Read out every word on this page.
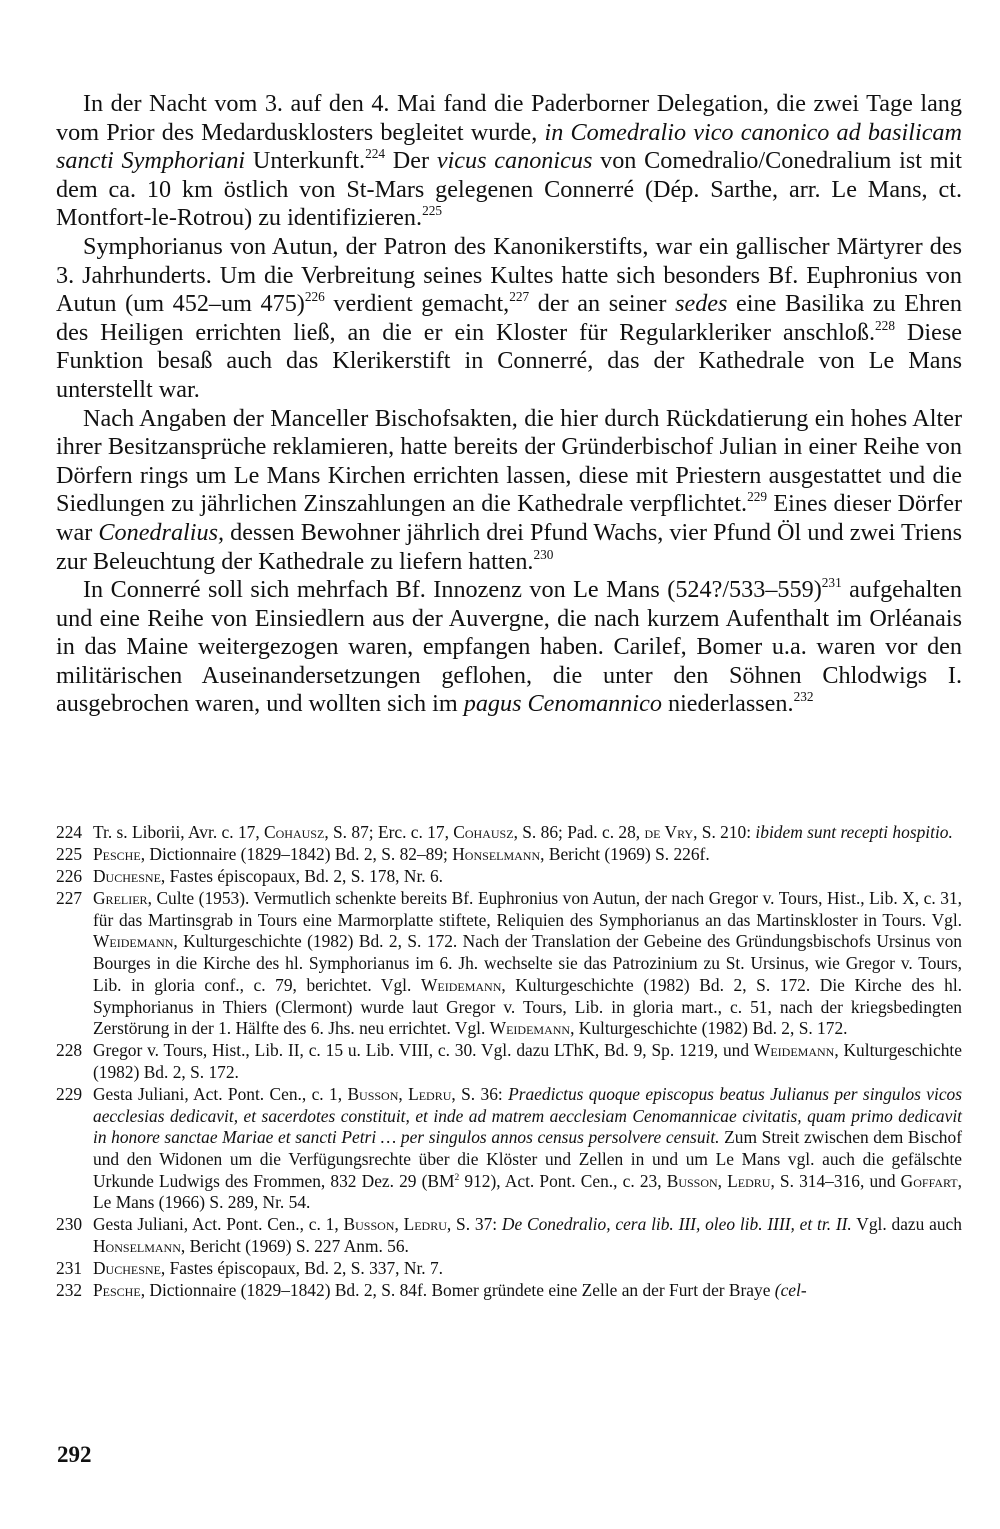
In der Nacht vom 3. auf den 4. Mai fand die Paderborner Delegation, die zwei Tage lang vom Prior des Medardusklosters begleitet wurde, in Comedralio vico canonico ad basilicam sancti Symphoriani Unterkunft.$^{224}$ Der vicus canonicus von Comedralio/Conedralium ist mit dem ca. 10 km östlich von St-Mars gelegenen Connerré (Dép. Sarthe, arr. Le Mans, ct. Montfort-le-Rotrou) zu identifizieren.$^{225}$

Symphorianus von Autun, der Patron des Kanonikerstifts, war ein gallischer Märtyrer des 3. Jahrhunderts. Um die Verbreitung seines Kultes hatte sich besonders Bf. Euphronius von Autun (um 452–um 475)$^{226}$ verdient gemacht,$^{227}$ der an seiner sedes eine Basilika zu Ehren des Heiligen errichten ließ, an die er ein Kloster für Regularkleriker anschloß.$^{228}$ Diese Funktion besaß auch das Klerikerstift in Connerré, das der Kathedrale von Le Mans unterstellt war.

Nach Angaben der Manceller Bischofsakten, die hier durch Rückdatierung ein hohes Alter ihrer Besitzansprüche reklamieren, hatte bereits der Gründerbischof Julian in einer Reihe von Dörfern rings um Le Mans Kirchen errichten lassen, diese mit Priestern ausgestattet und die Siedlungen zu jährlichen Zinszahlungen an die Kathedrale verpflichtet.$^{229}$ Eines dieser Dörfer war Conedralius, dessen Bewohner jährlich drei Pfund Wachs, vier Pfund Öl und zwei Triens zur Beleuchtung der Kathedrale zu liefern hatten.$^{230}$

In Connerré soll sich mehrfach Bf. Innozenz von Le Mans (524?/533–559)$^{231}$ aufgehalten und eine Reihe von Einsiedlern aus der Auvergne, die nach kurzem Aufenthalt im Orléanais in das Maine weitergezogen waren, empfangen haben. Carilef, Bomer u.a. waren vor den militärischen Auseinandersetzungen geflohen, die unter den Söhnen Chlodwigs I. ausgebrochen waren, und wollten sich im pagus Cenomannico niederlassen.$^{232}$

224 Tr. s. Liborii, Avr. c. 17, Cohausz, S. 87; Erc. c. 17, Cohausz, S. 86; Pad. c. 28, de Vry, S. 210: ibidem sunt recepti hospitio.
225 Pesche, Dictionnaire (1829–1842) Bd. 2, S. 82–89; Honselmann, Bericht (1969) S. 226f.
226 Duchesne, Fastes épiscopaux, Bd. 2, S. 178, Nr. 6.
227 Grelier, Culte (1953). Vermutlich schenkte bereits Bf. Euphronius von Autun, der nach Gregor v. Tours, Hist., Lib. X, c. 31, für das Martinsgrab in Tours eine Marmorplatte stiftete, Reliquien des Symphorianus an das Martinskloster in Tours. Vgl. Weidemann, Kulturgeschichte (1982) Bd. 2, S. 172. Nach der Translation der Gebeine des Gründungsbischofs Ursinus von Bourges in die Kirche des hl. Symphorianus im 6. Jh. wechselte sie das Patrozinium zu St. Ursinus, wie Gregor v. Tours, Lib. in gloria conf., c. 79, berichtet. Vgl. Weidemann, Kulturgeschichte (1982) Bd. 2, S. 172. Die Kirche des hl. Symphorianus in Thiers (Clermont) wurde laut Gregor v. Tours, Lib. in gloria mart., c. 51, nach der kriegsbedingten Zerstörung in der 1. Hälfte des 6. Jhs. neu errichtet. Vgl. Weidemann, Kulturgeschichte (1982) Bd. 2, S. 172.
228 Gregor v. Tours, Hist., Lib. II, c. 15 u. Lib. VIII, c. 30. Vgl. dazu LThK, Bd. 9, Sp. 1219, und Weidemann, Kulturgeschichte (1982) Bd. 2, S. 172.
229 Gesta Juliani, Act. Pont. Cen., c. 1, Busson, Ledru, S. 36: Praedictus quoque episcopus beatus Julianus per singulos vicos aecclesias dedicavit, et sacerdotes constituit, et inde ad matrem aecclesiam Cenomannicae civitatis, quam primo dedicavit in honore sanctae Mariae et sancti Petri … per singulos annos census persolvere censuit. Zum Streit zwischen dem Bischof und den Widonen um die Verfügungsrechte über die Klöster und Zellen in und um Le Mans vgl. auch die gefälschte Urkunde Ludwigs des Frommen, 832 Dez. 29 ($BM^2$ 912), Act. Pont. Cen., c. 23, Busson, Ledru, S. 314–316, und Goffart, Le Mans (1966) S. 289, Nr. 54.
230 Gesta Juliani, Act. Pont. Cen., c. 1, Busson, Ledru, S. 37: De Conedralio, cera lib. III, oleo lib. IIII, et tr. II. Vgl. dazu auch Honselmann, Bericht (1969) S. 227 Anm. 56.
231 Duchesne, Fastes épiscopaux, Bd. 2, S. 337, Nr. 7.
232 Pesche, Dictionnaire (1829–1842) Bd. 2, S. 84f. Bomer gründete eine Zelle an der Furt der Braye (cel-
292
